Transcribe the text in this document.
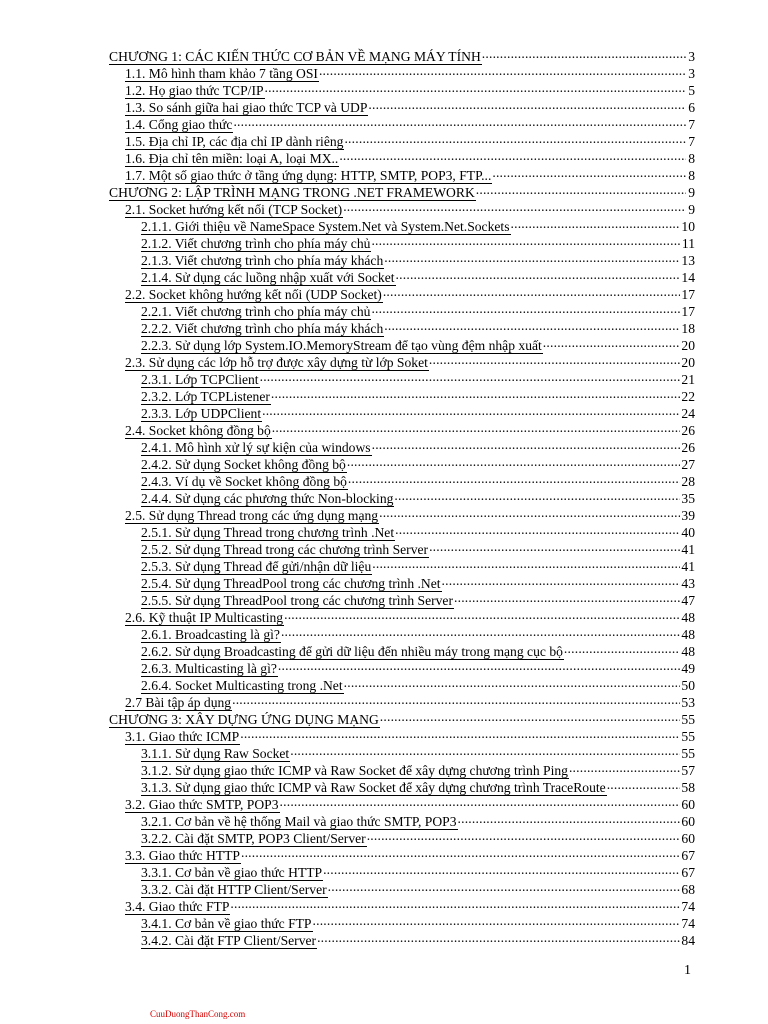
CHƯƠNG 1: CÁC KIẾN THỨC CƠ BẢN VỀ MẠNG MÁY TÍNH .....	3
1.1. Mô hình tham khảo 7 tầng OSI .....	3
1.2. Họ giao thức TCP/IP .....	5
1.3. So sánh giữa hai giao thức TCP và UDP .....	6
1.4. Cổng giao thức .....	7
1.5. Địa chỉ IP, các địa chỉ IP dành riêng .....	7
1.6. Địa chỉ tên miền: loại A, loại MX.. .....	8
1.7. Một số giao thức ở tầng ứng dụng: HTTP, SMTP, POP3, FTP... .....	8
CHƯƠNG 2: LẬP TRÌNH MẠNG TRONG .NET FRAMEWORK .....	9
2.1. Socket hướng kết nối (TCP Socket) .....	9
2.1.1. Giới thiệu về NameSpace System.Net và System.Net.Sockets .....	10
2.1.2. Viết chương trình cho phía máy chủ .....	11
2.1.3. Viết chương trình cho phía máy khách .....	13
2.1.4. Sử dụng các luồng nhập xuất với Socket .....	14
2.2. Socket không hướng kết nối (UDP Socket) .....	17
2.2.1. Viết chương trình cho phía máy chủ .....	17
2.2.2. Viết chương trình cho phía máy khách .....	18
2.2.3. Sử dụng lớp System.IO.MemoryStream để tạo vùng đệm nhập xuất .....	20
2.3. Sử dụng các lớp hỗ trợ được xây dựng từ lớp Soket .....	20
2.3.1. Lớp TCPClient .....	21
2.3.2. Lớp TCPListener .....	22
2.3.3. Lớp UDPClient .....	24
2.4. Socket không đồng bộ .....	26
2.4.1. Mô hình xử lý sự kiện của windows .....	26
2.4.2. Sử dụng Socket không đồng bộ .....	27
2.4.3. Ví dụ về Socket không đồng bộ .....	28
2.4.4. Sử dụng các phương thức Non-blocking .....	35
2.5. Sử dụng Thread trong các ứng dụng mạng .....	39
2.5.1. Sử dụng Thread trong chương trình .Net .....	40
2.5.2. Sử dụng Thread trong các chương trình Server .....	41
2.5.3. Sử dụng Thread để gửi/nhận dữ liệu .....	41
2.5.4. Sử dụng ThreadPool trong các chương trình .Net .....	43
2.5.5. Sử dụng ThreadPool trong các chương trình Server .....	47
2.6. Kỹ thuật IP Multicasting .....	48
2.6.1. Broadcasting là gì? .....	48
2.6.2. Sử dụng Broadcasting để gửi dữ liệu đến nhiều máy trong mạng cục bộ .....	48
2.6.3. Multicasting là gì? .....	49
2.6.4. Socket Multicasting trong .Net .....	50
2.7 Bài tập áp dụng .....	53
CHƯƠNG 3: XÂY DỰNG ỨNG DỤNG MẠNG .....	55
3.1. Giao thức ICMP .....	55
3.1.1. Sử dụng Raw Socket .....	55
3.1.2. Sử dụng giao thức ICMP và Raw Socket để xây dựng chương trình Ping .....	57
3.1.3. Sử dụng giao thức ICMP và Raw Socket để xây dựng chương trình TraceRoute .....	58
3.2. Giao thức SMTP, POP3 .....	60
3.2.1. Cơ bản về hệ thống Mail và giao thức SMTP, POP3 .....	60
3.2.2. Cài đặt SMTP, POP3 Client/Server .....	60
3.3. Giao thức HTTP .....	67
3.3.1. Cơ bản về giao thức HTTP .....	67
3.3.2. Cài đặt HTTP Client/Server .....	68
3.4. Giao thức FTP .....	74
3.4.1. Cơ bản về giao thức FTP .....	74
3.4.2. Cài đặt FTP Client/Server .....	84
1
CuuDuongThanCong.com
